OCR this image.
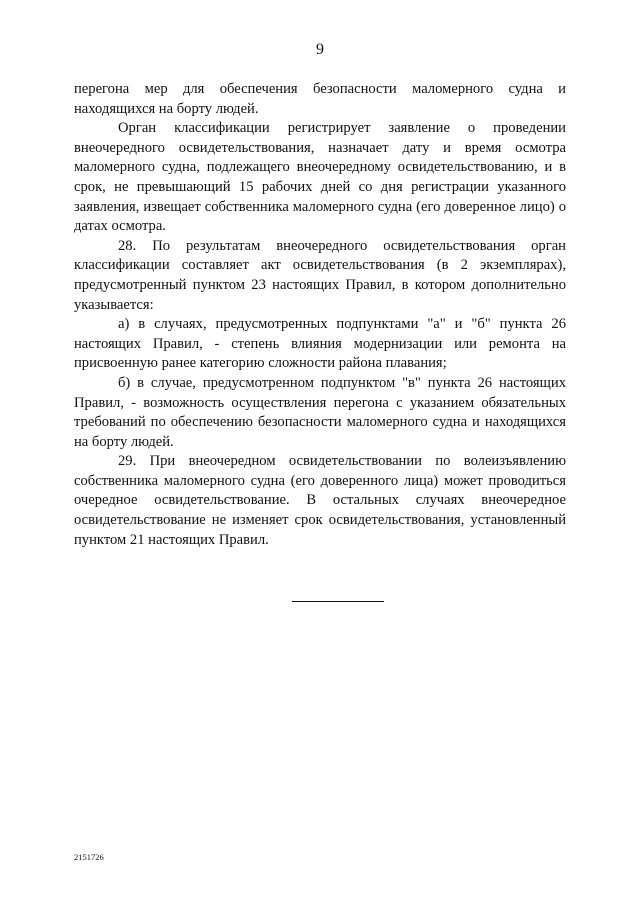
9

перегона мер для обеспечения безопасности маломерного судна и находящихся на борту людей.

Орган классификации регистрирует заявление о проведении внеочередного освидетельствования, назначает дату и время осмотра маломерного судна, подлежащего внеочередному освидетельствованию, и в срок, не превышающий 15 рабочих дней со дня регистрации указанного заявления, извещает собственника маломерного судна (его доверенное лицо) о датах осмотра.

28. По результатам внеочередного освидетельствования орган классификации составляет акт освидетельствования (в 2 экземплярах), предусмотренный пунктом 23 настоящих Правил, в котором дополнительно указывается:

а) в случаях, предусмотренных подпунктами "а" и "б" пункта 26 настоящих Правил, - степень влияния модернизации или ремонта на присвоенную ранее категорию сложности района плавания;

б) в случае, предусмотренном подпунктом "в" пункта 26 настоящих Правил, - возможность осуществления перегона с указанием обязательных требований по обеспечению безопасности маломерного судна и находящихся на борту людей.

29. При внеочередном освидетельствовании по волеизъявлению собственника маломерного судна (его доверенного лица) может проводиться очередное освидетельствование. В остальных случаях внеочередное освидетельствование не изменяет срок освидетельствования, установленный пунктом 21 настоящих Правил.

2151726
